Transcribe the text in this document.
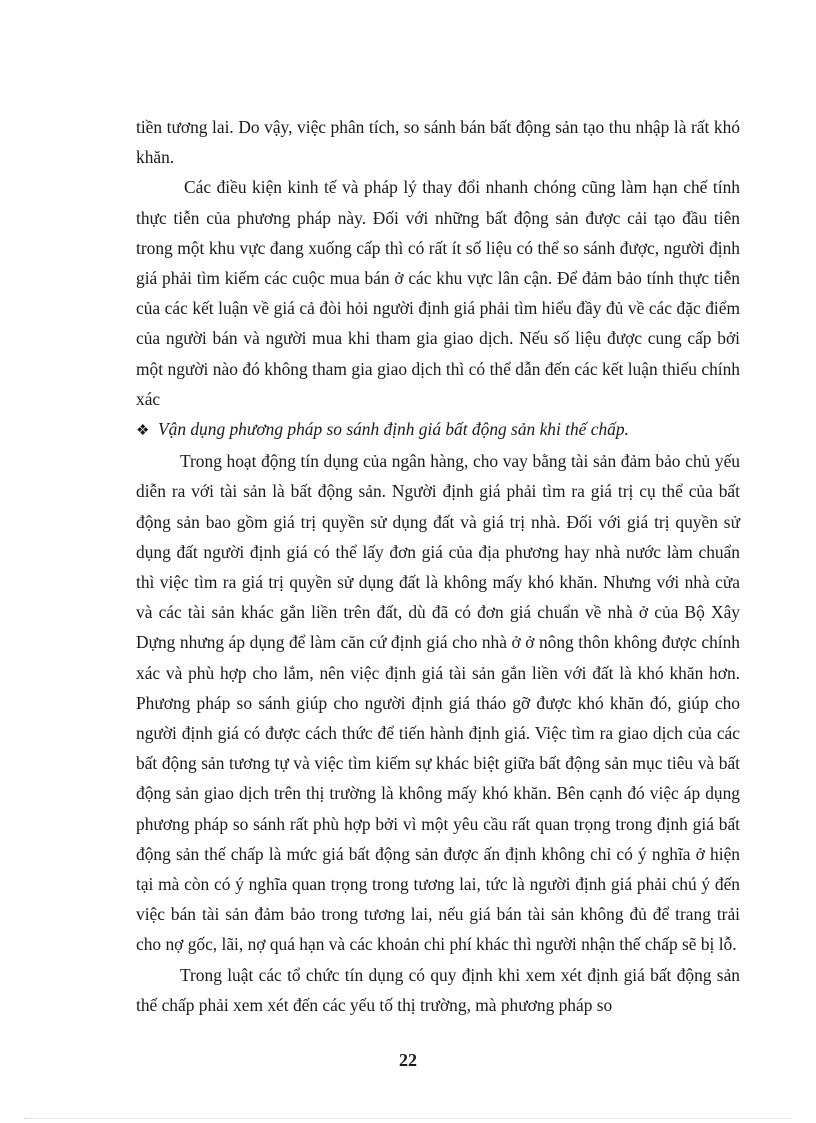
tiền tương lai. Do vậy, việc phân tích, so sánh bán bất động sản tạo thu nhập là rất khó khăn.

Các điều kiện kinh tế và pháp lý thay đổi nhanh chóng cũng làm hạn chế tính thực tiễn của phương pháp này. Đối với những bất động sản được cải tạo đầu tiên trong một khu vực đang xuống cấp thì có rất ít số liệu có thể so sánh được, người định giá phải tìm kiếm các cuộc mua bán ở các khu vực lân cận. Để đảm bảo tính thực tiễn của các kết luận về giá cả đòi hỏi người định giá phải tìm hiểu đầy đủ về các đặc điểm của người bán và người mua khi tham gia giao dịch. Nếu số liệu được cung cấp bởi một người nào đó không tham gia giao dịch thì có thể dẫn đến các kết luận thiếu chính xác

❖ Vận dụng phương pháp so sánh định giá bất động sản khi thế chấp.

Trong hoạt động tín dụng của ngân hàng, cho vay bằng tài sản đảm bảo chủ yếu diễn ra với tài sản là bất động sản. Người định giá phải tìm ra giá trị cụ thể của bất động sản bao gồm giá trị quyền sử dụng đất và giá trị nhà. Đối với giá trị quyền sử dụng đất người định giá có thể lấy đơn giá của địa phương hay nhà nước làm chuẩn thì việc tìm ra giá trị quyền sử dụng đất là không mấy khó khăn. Nhưng với nhà cửa và các tài sản khác gắn liền trên đất, dù đã có đơn giá chuẩn về nhà ở của Bộ Xây Dựng nhưng áp dụng để làm căn cứ định giá cho nhà ở ở nông thôn không được chính xác và phù hợp cho lắm, nên việc định giá tài sản gắn liền với đất là khó khăn hơn. Phương pháp so sánh giúp cho người định giá tháo gỡ được khó khăn đó, giúp cho người định giá có được cách thức để tiến hành định giá. Việc tìm ra giao dịch của các bất động sản tương tự và việc tìm kiếm sự khác biệt giữa bất động sản mục tiêu và bất động sản giao dịch trên thị trường là không mấy khó khăn. Bên cạnh đó việc áp dụng phương pháp so sánh rất phù hợp bởi vì một yêu cầu rất quan trọng trong định giá bất động sản thế chấp là mức giá bất động sản được ấn định không chỉ có ý nghĩa ở hiện tại mà còn có ý nghĩa quan trọng trong tương lai, tức là người định giá phải chú ý đến việc bán tài sản đảm bảo trong tương lai, nếu giá bán tài sản không đủ để trang trải cho nợ gốc, lãi, nợ quá hạn và các khoản chi phí khác thì người nhận thế chấp sẽ bị lỗ.

Trong luật các tổ chức tín dụng có quy định khi xem xét định giá bất động sản thế chấp phải xem xét đến các yếu tố thị trường, mà phương pháp so

22
